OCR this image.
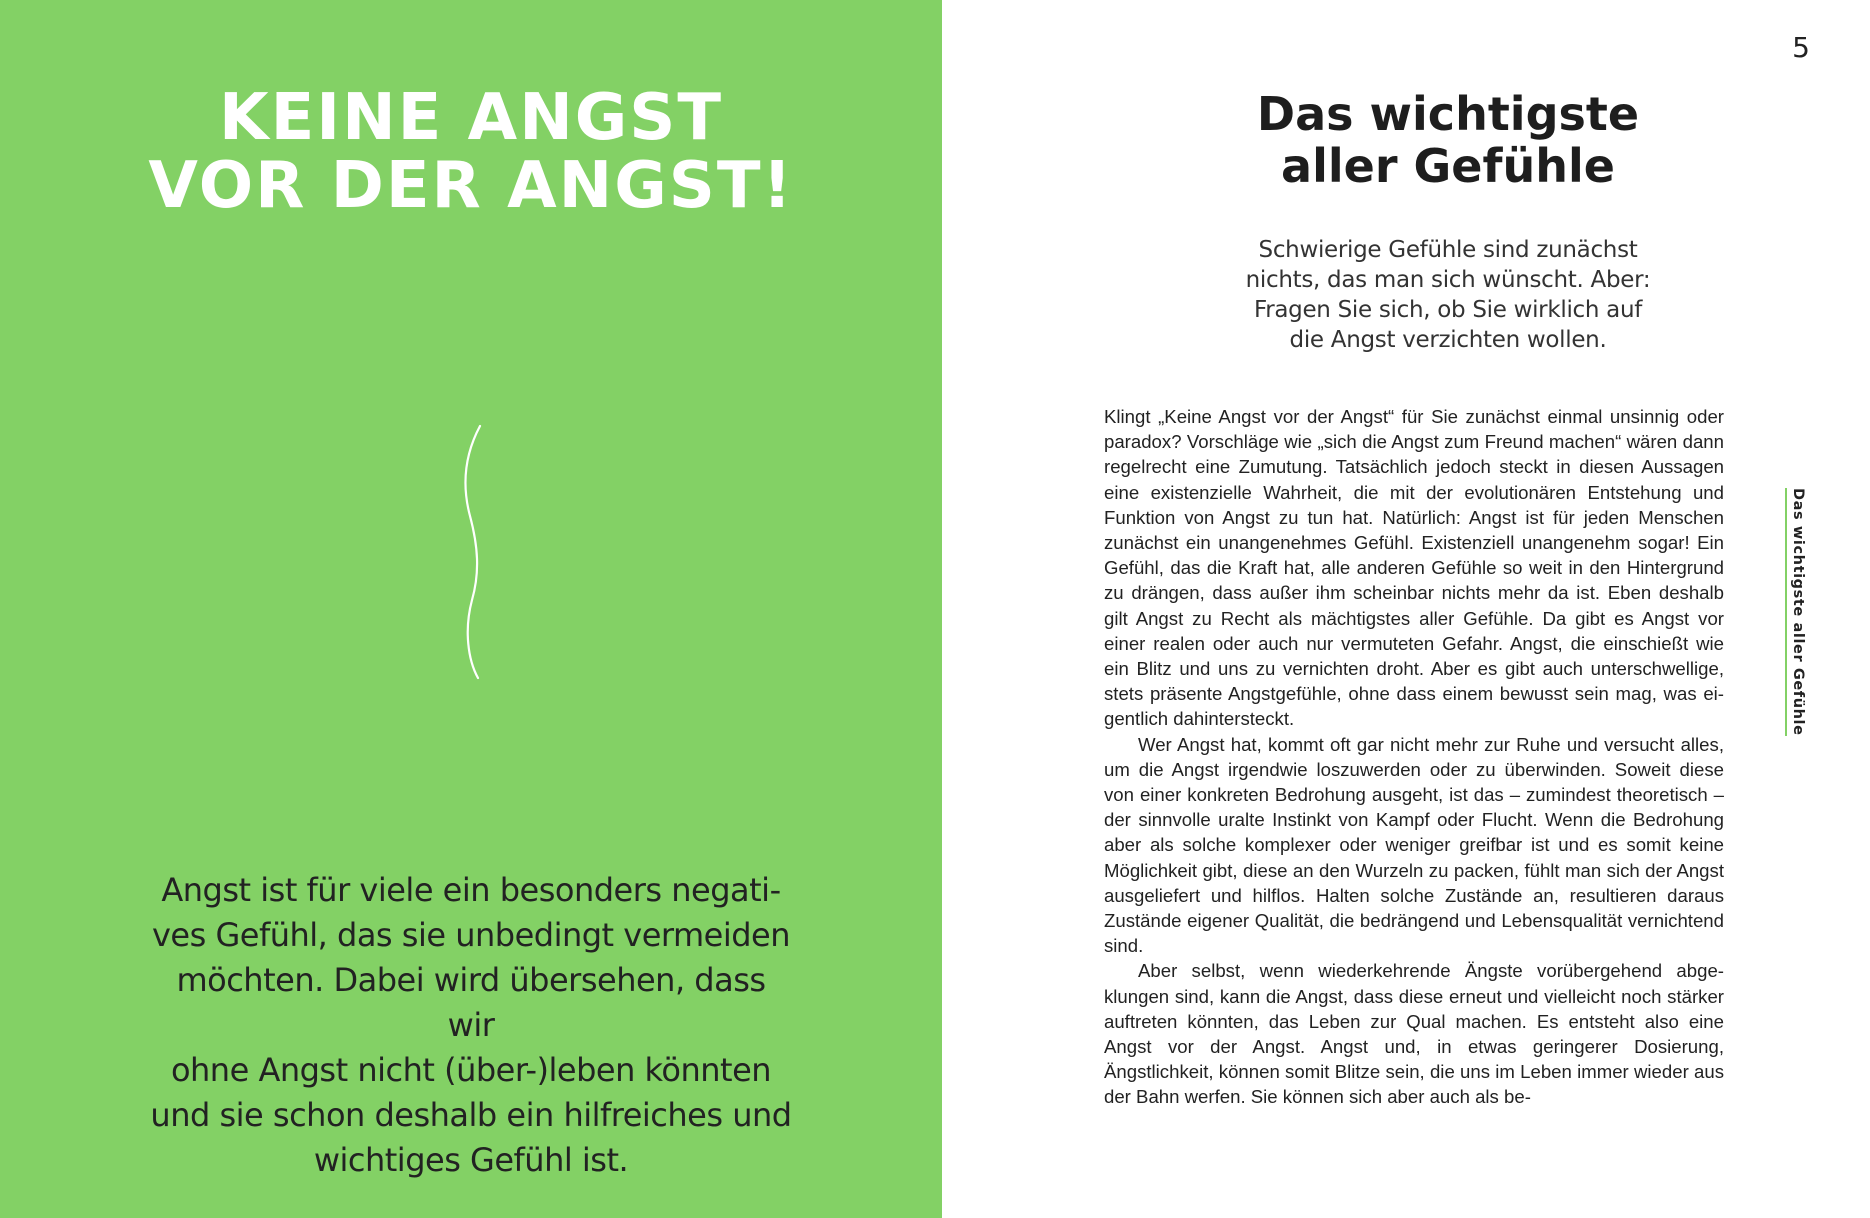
KEINE ANGST
VOR DER ANGST!

Angst ist für viele ein besonders negati-
ves Gefühl, das sie unbedingt vermeiden
möchten. Dabei wird übersehen, dass wir
ohne Angst nicht (über-)leben könnten
und sie schon deshalb ein hilfreiches und
wichtiges Gefühl ist.

5
Das wichtigste
aller Gefühle

Schwierige Gefühle sind zunächst
nichts, das man sich wünscht. Aber:
Fragen Sie sich, ob Sie wirklich auf
die Angst verzichten wollen.

Klingt „Keine Angst vor der Angst“ für Sie zunächst einmal unsinnig oder paradox? Vorschläge wie „sich die Angst zum Freund machen“ wären dann regelrecht eine Zumutung. Tatsächlich jedoch steckt in diesen Aussagen eine existenzielle Wahrheit, die mit der evolutionären Entstehung und Funktion von Angst zu tun hat. Natürlich: Angst ist für jeden Menschen zunächst ein unangenehmes Gefühl. Existenziell unangenehm sogar! Ein Gefühl, das die Kraft hat, alle anderen Gefühle so weit in den Hintergrund zu drängen, dass außer ihm scheinbar nichts mehr da ist. Eben deshalb gilt Angst zu Recht als mächtigstes aller Gefühle. Da gibt es Angst vor einer realen oder auch nur vermuteten Gefahr. Angst, die einschießt wie ein Blitz und uns zu vernichten droht. Aber es gibt auch unterschwellige, stets präsente Angstgefühle, ohne dass einem bewusst sein mag, was eigentlich dahintersteckt.

Wer Angst hat, kommt oft gar nicht mehr zur Ruhe und versucht alles, um die Angst irgendwie loszuwerden oder zu überwinden. Soweit diese von einer konkreten Bedrohung ausgeht, ist das – zumindest theoretisch – der sinnvolle uralte Instinkt von Kampf oder Flucht. Wenn die Bedrohung aber als solche komplexer oder weniger greifbar ist und es somit keine Möglichkeit gibt, diese an den Wurzeln zu packen, fühlt man sich der Angst ausgeliefert und hilflos. Halten solche Zustände an, resultieren daraus Zustände eigener Qualität, die bedrängend und Lebensqualität vernichtend sind.

Aber selbst, wenn wiederkehrende Ängste vorübergehend abgeklungen sind, kann die Angst, dass diese erneut und vielleicht noch stärker auftreten könnten, das Leben zur Qual machen. Es entsteht also eine Angst vor der Angst. Angst und, in etwas geringerer Dosierung, Ängstlichkeit, können somit Blitze sein, die uns im Leben immer wieder aus der Bahn werfen. Sie können sich aber auch als be-

Das wichtigste aller Gefühle
